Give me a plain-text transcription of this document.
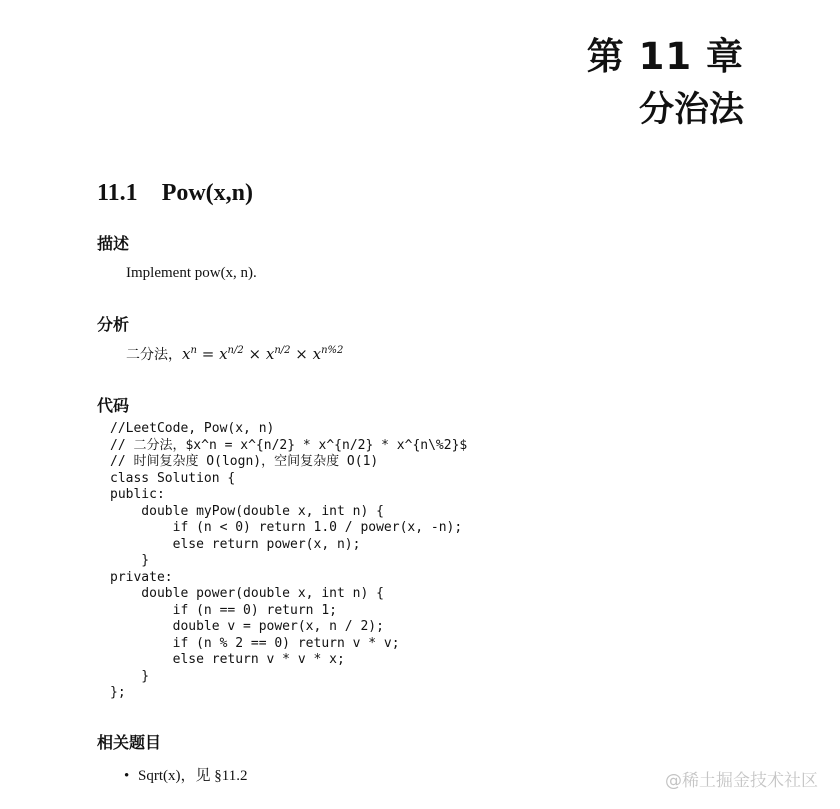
第 11 章
分治法
11.1 Pow(x,n)
描述
Implement pow(x, n).
分析
二分法，$x^n = x^{n/2} \times x^{n/2} \times x^{n\%2}$
代码
//LeetCode, Pow(x, n)
// 二分法，$x^n = x^{n/2} * x^{n/2} * x^{n\%2}$
// 时间复杂度 O(logn)，空间复杂度 O(1)
class Solution {
public:
double myPow(double x, int n) {
if (n < 0) return 1.0 / power(x, -n);
else return power(x, n);
}
private:
double power(double x, int n) {
if (n == 0) return 1;
double v = power(x, n / 2);
if (n % 2 == 0) return v * v;
else return v * v * x;
}
};
相关题目
• Sqrt(x)，见 §11.2	@稀土掘金技术社区
